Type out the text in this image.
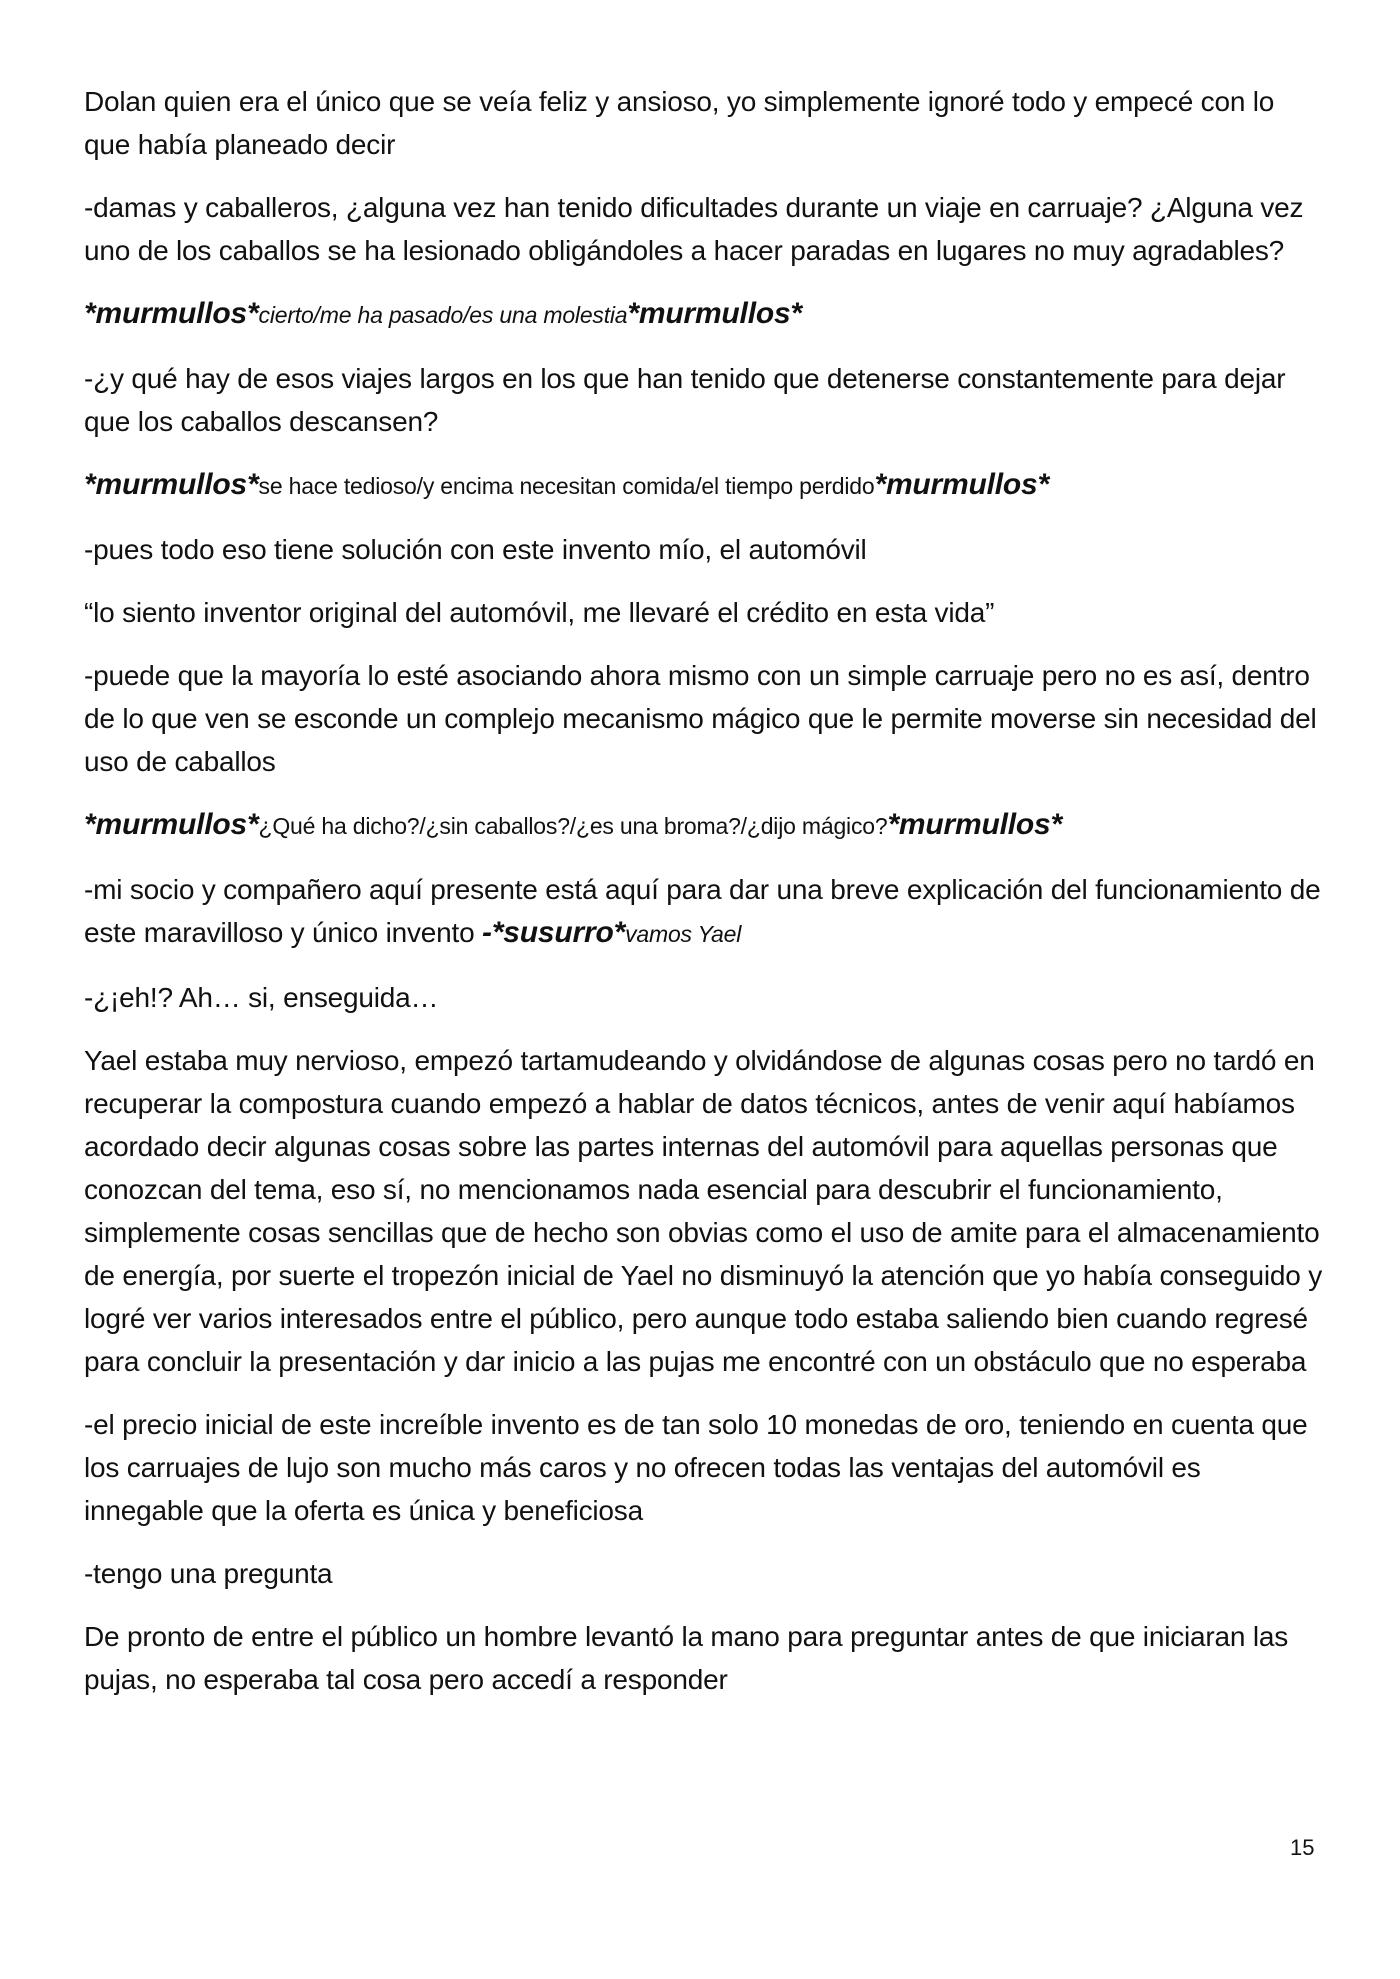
Dolan quien era el único que se veía feliz y ansioso, yo simplemente ignoré todo y empecé con lo que había planeado decir

-damas y caballeros, ¿alguna vez han tenido dificultades durante un viaje en carruaje? ¿Alguna vez uno de los caballos se ha lesionado obligándoles a hacer paradas en lugares no muy agradables?

*murmullos*cierto/me ha pasado/es una molestia*murmullos*

-¿y qué hay de esos viajes largos en los que han tenido que detenerse constantemente para dejar que los caballos descansen?

*murmullos*se hace tedioso/y encima necesitan comida/el tiempo perdido*murmullos*

-pues todo eso tiene solución con este invento mío, el automóvil

“lo siento inventor original del automóvil, me llevaré el crédito en esta vida”

-puede que la mayoría lo esté asociando ahora mismo con un simple carruaje pero no es así, dentro de lo que ven se esconde un complejo mecanismo mágico que le permite moverse sin necesidad del uso de caballos

*murmullos*¿Qué ha dicho?/¿sin caballos?/¿es una broma?/¿dijo mágico?*murmullos*

-mi socio y compañero aquí presente está aquí para dar una breve explicación del funcionamiento de este maravilloso y único invento -*susurro*vamos Yael

-¿¡eh!? Ah… si, enseguida…

Yael estaba muy nervioso, empezó tartamudeando y olvidándose de algunas cosas pero no tardó en recuperar la compostura cuando empezó a hablar de datos técnicos, antes de venir aquí habíamos acordado decir algunas cosas sobre las partes internas del automóvil para aquellas personas que conozcan del tema, eso sí, no mencionamos nada esencial para descubrir el funcionamiento, simplemente cosas sencillas que de hecho son obvias como el uso de amite para el almacenamiento de energía, por suerte el tropezón inicial de Yael no disminuyó la atención que yo había conseguido y logré ver varios interesados entre el público, pero aunque todo estaba saliendo bien cuando regresé para concluir la presentación y dar inicio a las pujas me encontré con un obstáculo que no esperaba

-el precio inicial de este increíble invento es de tan solo 10 monedas de oro, teniendo en cuenta que los carruajes de lujo son mucho más caros y no ofrecen todas las ventajas del automóvil es innegable que la oferta es única y beneficiosa

-tengo una pregunta

De pronto de entre el público un hombre levantó la mano para preguntar antes de que iniciaran las pujas, no esperaba tal cosa pero accedí a responder

15
